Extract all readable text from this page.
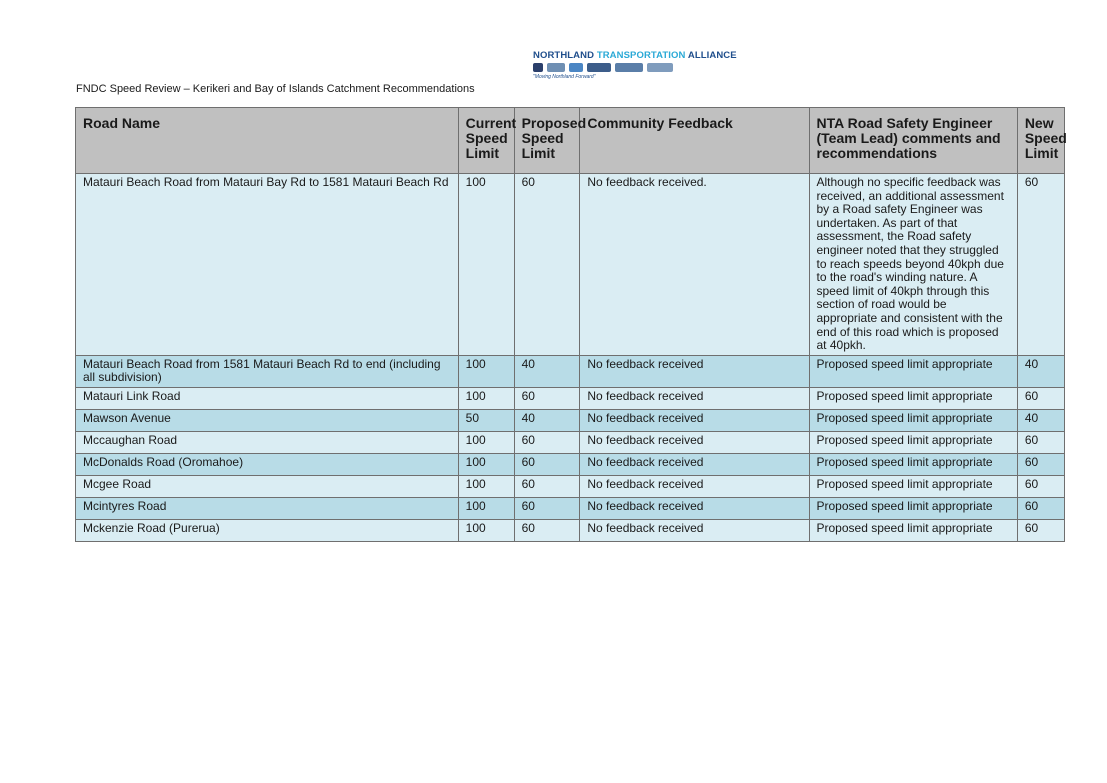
NORTHLAND TRANSPORTATION ALLIANCE
"Moving Northland Forward"
FNDC Speed Review – Kerikeri and Bay of Islands Catchment Recommendations
Road Name	Current Speed Limit	Proposed Speed Limit	Community Feedback	NTA Road Safety Engineer (Team Lead) comments and recommendations	New Speed Limit
Matauri Beach Road from Matauri Bay Rd to 1581 Matauri Beach Rd	100	60	No feedback received.	Although no specific feedback was received, an additional assessment by a Road safety Engineer was undertaken. As part of that assessment, the Road safety engineer noted that they struggled to reach speeds beyond 40kph due to the road's winding nature. A speed limit of 40kph through this section of road would be appropriate and consistent with the end of this road which is proposed at 40pkh.	60
Matauri Beach Road from 1581 Matauri Beach Rd to end (including all subdivision)	100	40	No feedback received	Proposed speed limit appropriate	40
Matauri Link Road	100	60	No feedback received	Proposed speed limit appropriate	60
Mawson Avenue	50	40	No feedback received	Proposed speed limit appropriate	40
Mccaughan Road	100	60	No feedback received	Proposed speed limit appropriate	60
McDonalds Road (Oromahoe)	100	60	No feedback received	Proposed speed limit appropriate	60
Mcgee Road	100	60	No feedback received	Proposed speed limit appropriate	60
Mcintyres Road	100	60	No feedback received	Proposed speed limit appropriate	60
Mckenzie Road (Purerua)	100	60	No feedback received	Proposed speed limit appropriate	60
